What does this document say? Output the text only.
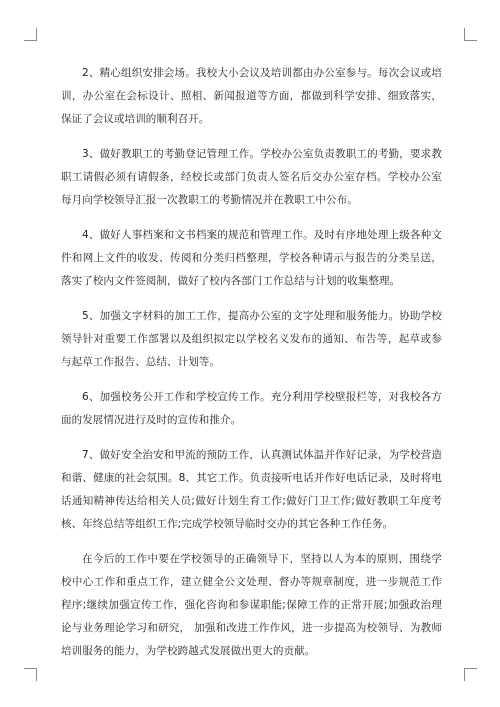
2、精心组织安排会场。我校大小会议及培训都由办公室参与。每次会议或培训，办公室在会标设计、照相、新闻报道等方面，都做到科学安排、细致落实，保证了会议或培训的顺利召开。

3、做好教职工的考勤登记管理工作。学校办公室负责教职工的考勤，要求教职工请假必须有请假条，经校长或部门负责人签名后交办公室存档。学校办公室每月向学校领导汇报一次教职工的考勤情况并在教职工中公布。

4、做好人事档案和文书档案的规范和管理工作。及时有序地处理上级各种文件和网上文件的收发、传阅和分类归档整理，学校各种请示与报告的分类呈送，落实了校内文件签阅制，做好了校内各部门工作总结与计划的收集整理。

5、加强文字材料的加工工作，提高办公室的文字处理和服务能力。协助学校领导针对重要工作部署以及组织拟定以学校名义发布的通知、布告等，起草或参与起草工作报告、总结、计划等。

6、加强校务公开工作和学校宣传工作。充分利用学校壁报栏等，对我校各方面的发展情况进行及时的宣传和推介。

7、做好安全治安和甲流的预防工作，认真测试体温并作好记录，为学校营造和谐、健康的社会氛围。8、其它工作。负责接听电话并作好电话记录，及时将电话通知精神传达给相关人员;做好计划生育工作;做好门卫工作;做好教职工年度考核、年终总结等组织工作;完成学校领导临时交办的其它各种工作任务。

在今后的工作中要在学校领导的正确领导下，坚持以人为本的原则，围绕学校中心工作和重点工作，建立健全公文处理、督办等规章制度，进一步规范工作程序;继续加强宣传工作，强化咨询和参谋职能;保障工作的正常开展;加强政治理论与业务理论学习和研究， 加强和改进工作作风，进一步提高为校领导、为教师培训服务的能力，为学校跨越式发展做出更大的贡献。
